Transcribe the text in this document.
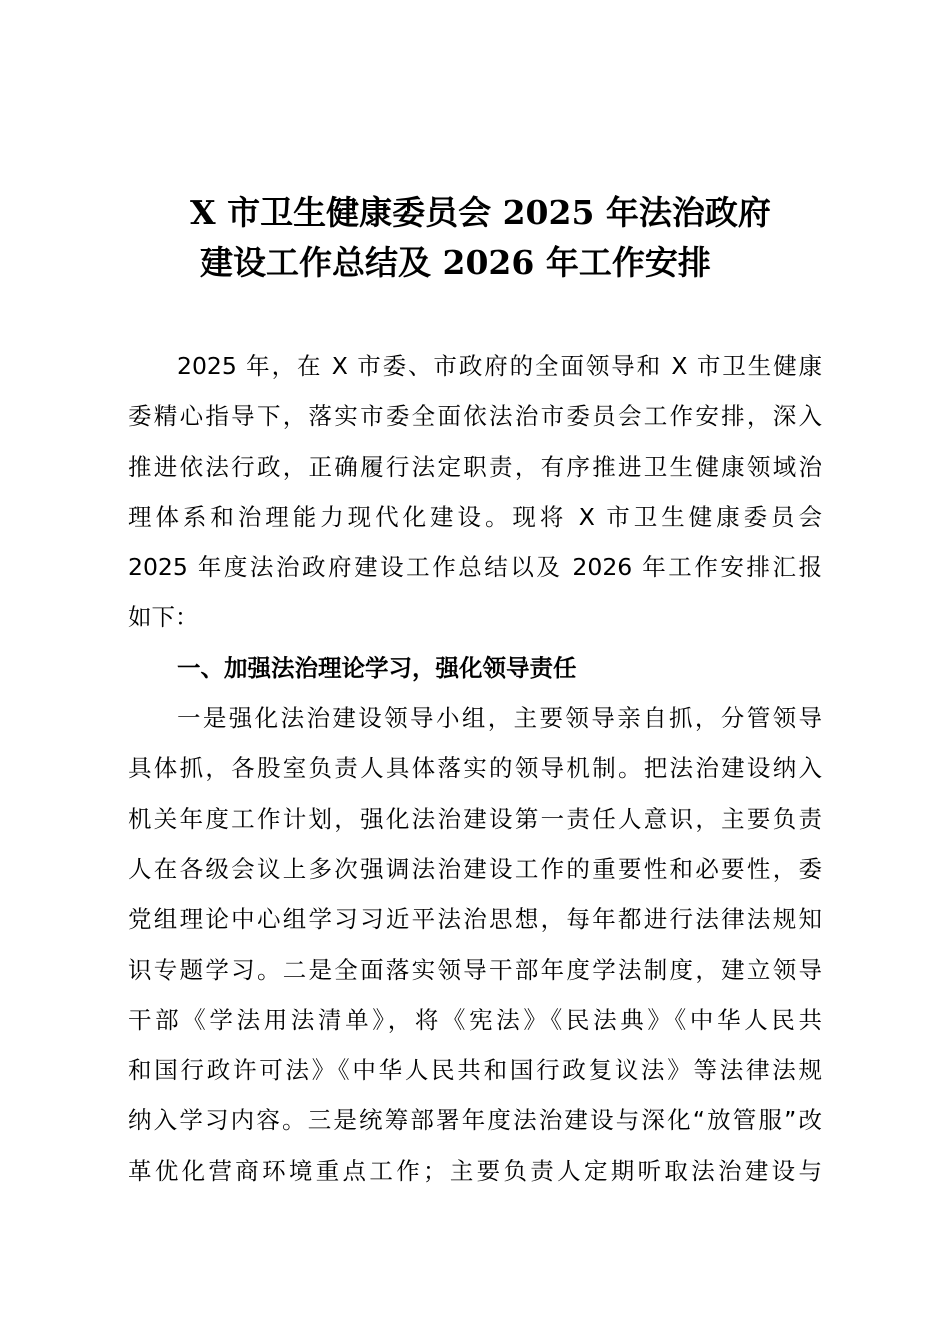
X 市卫生健康委员会 2025 年法治政府
建设工作总结及 2026 年工作安排
2025 年，在 X 市委、市政府的全面领导和 X 市卫生健康
委精心指导下，落实市委全面依法治市委员会工作安排，深入
推进依法行政，正确履行法定职责，有序推进卫生健康领域治
理体系和治理能力现代化建设。现将 X 市卫生健康委员会
2025 年度法治政府建设工作总结以及 2026 年工作安排汇报
如下：
一、加强法治理论学习，强化领导责任
一是强化法治建设领导小组，主要领导亲自抓，分管领导
具体抓，各股室负责人具体落实的领导机制。把法治建设纳入
机关年度工作计划，强化法治建设第一责任人意识，主要负责
人在各级会议上多次强调法治建设工作的重要性和必要性，委
党组理论中心组学习习近平法治思想，每年都进行法律法规知
识专题学习。二是全面落实领导干部年度学法制度，建立领导
干部《学法用法清单》，将《宪法》《民法典》《中华人民共
和国行政许可法》《中华人民共和国行政复议法》等法律法规
纳入学习内容。三是统筹部署年度法治建设与深化“放管服”改
革优化营商环境重点工作；主要负责人定期听取法治建设与
